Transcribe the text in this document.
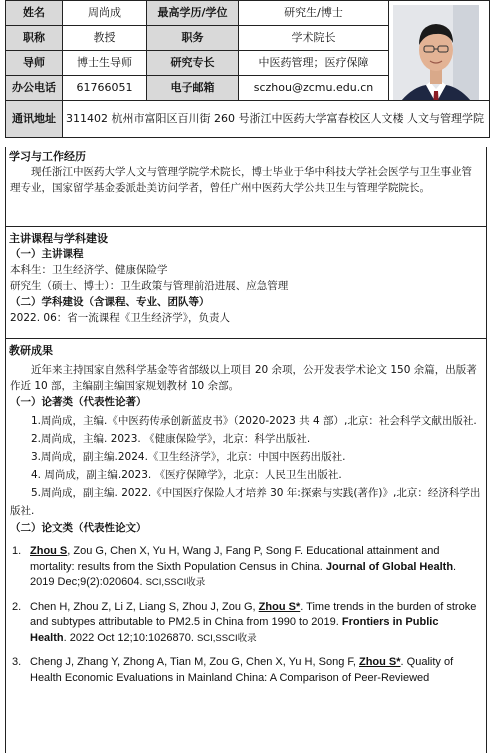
姓名	周尚成	最高学历/学位	研究生/博士	

职称	教授	职务	学术院长	
导师	博士生导师	研究专长	中医药管理；医疗保障	
办公电话	61766051	电子邮箱	sczhou@zcmu.edu.cn	
通讯地址	311402 杭州市富阳区百川街 260 号浙江中医药大学富春校区人文楼 人文与管理学院			
学习与工作经历

现任浙江中医药大学人文与管理学院学术院长，博士毕业于华中科技大学社会医学与卫生事业管理专业，国家留学基金委派赴美访问学者，曾任广州中医药大学公共卫生与管理学院院长。

主讲课程与学科建设
（一）主讲课程
本科生：卫生经济学、健康保险学
研究生（硕士、博士）：卫生政策与管理前沿进展、应急管理
（二）学科建设（含课程、专业、团队等）
2022. 06：省一流课程《卫生经济学》，负责人
教研成果

近年来主持国家自然科学基金等省部级以上项目 20 余项，公开发表学术论文 150 余篇，出版著作近 10 部，主编副主编国家规划教材 10 余部。

（一）论著类（代表性论著）
1.周尚成，主编.《中医药传承创新蓝皮书》（2020-2023 共 4 部）,北京：社会科学文献出版社.
2.周尚成，主编. 2023. 《健康保险学》，北京：科学出版社.
3.周尚成，副主编.2024.《卫生经济学》，北京：中国中医药出版社.
4. 周尚成，副主编.2023. 《医疗保障学》，北京：人民卫生出版社.
5.周尚成，副主编. 2022.《中国医疗保险人才培养 30 年:探索与实践(著作)》,北京：经济科学出版社.
（二）论文类（代表性论文）
1. Zhou S, Zou G, Chen X, Yu H, Wang J, Fang P, Song F. Educational attainment and mortality: results from the Sixth Population Census in China. Journal of Global Health. 2019 Dec;9(2):020604. SCI,SSCI收录
2. Chen H, Zhou Z, Li Z, Liang S, Zhou J, Zou G, Zhou S*. Time trends in the burden of stroke and subtypes attributable to PM2.5 in China from 1990 to 2019. Frontiers in Public Health. 2022 Oct 12;10:1026870. SCI,SSCI收录
3. Cheng J, Zhang Y, Zhong A, Tian M, Zou G, Chen X, Yu H, Song F, Zhou S*. Quality of Health Economic Evaluations in Mainland China: A Comparison of Peer-Reviewed
